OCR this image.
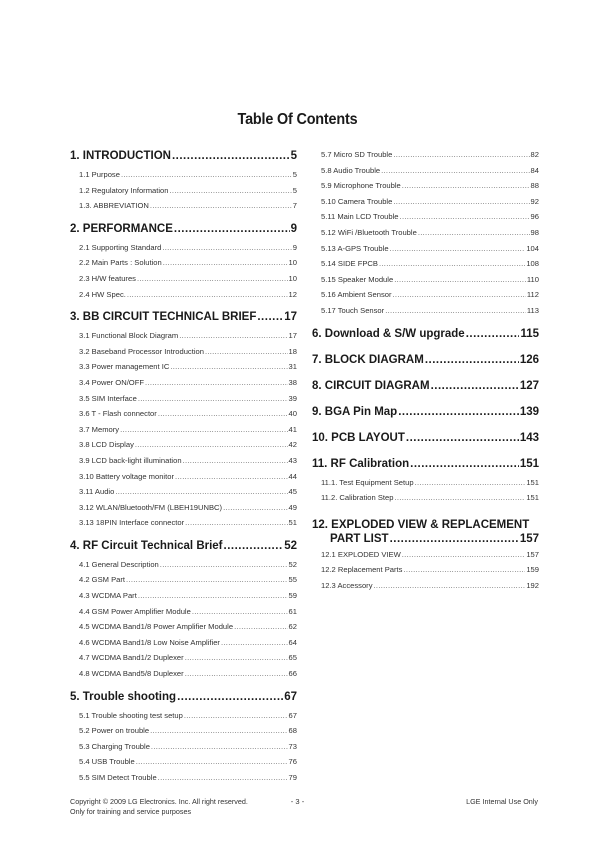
Table Of Contents
1. INTRODUCTION .....	5
1.1 Purpose .....	5
1.2 Regulatory Information .....	5
1.3. ABBREVIATION .....	7
2. PERFORMANCE .....	9
2.1 Supporting Standard .....	9
2.2 Main Parts : Solution .....	10
2.3 H/W features .....	10
2.4 HW Spec. .....	12
3. BB CIRCUIT TECHNICAL BRIEF ..... 17
3.1 Functional Block Diagram .....	17
3.2 Baseband Processor Introduction .....	18
3.3 Power management IC .....	31
3.4 Power ON/OFF .....	38
3.5 SIM Interface .....	39
3.6 T - Flash connector .....	40
3.7 Memory .....	41
3.8 LCD Display .....	42
3.9 LCD back-light illumination .....	43
3.10 Battery voltage monitor .....	44
3.11 Audio .....	45
3.12 WLAN/Bluetooth/FM (LBEH19UNBC) .....	49
3.13 18PIN Interface connector .....	51
4. RF Circuit Technical Brief .....	52
4.1 General Description .....	52
4.2 GSM Part .....	55
4.3 WCDMA Part .....	59
4.4 GSM Power Amplifier Module .....	61
4.5 WCDMA Band1/8 Power Amplifier Module .....	62
4.6 WCDMA Band1/8 Low Noise Amplifier .....	64
4.7 WCDMA Band1/2 Duplexer .....	65
4.8 WCDMA Band5/8 Duplexer .....	66
5. Trouble shooting .....	67
5.1 Trouble shooting test setup .....	67
5.2 Power on trouble .....	68
5.3 Charging Trouble .....	73
5.4 USB Trouble .....	76
5.5 SIM Detect Trouble .....	79
5.7 Micro SD Trouble .....	82
5.8 Audio Trouble .....	84
5.9 Microphone Trouble .....	88
5.10 Camera Trouble .....	92
5.11 Main LCD Trouble .....	96
5.12 WiFi /Bluetooth Trouble .....	98
5.13 A-GPS Trouble .....	104
5.14 SIDE FPCB .....	108
5.15 Speaker Module .....	110
5.16 Ambient Sensor .....	112
5.17 Touch Sensor .....	113
6. Download & S/W upgrade .....	115
7. BLOCK DIAGRAM .....	126
8. CIRCUIT DIAGRAM .....	127
9. BGA Pin Map .....	139
10. PCB LAYOUT .....	143
11. RF Calibration .....	151
11.1. Test Equipment Setup .....	151
11.2. Calibration Step .....	151
12. EXPLODED VIEW & REPLACEMENT
PART LIST .....	157
12.1 EXPLODED VIEW .....	157
12.2 Replacement Parts .....	159
12.3 Accessory .....	192
Copyright © 2009 LG Electronics. Inc. All right reserved.
Only for training and service purposes
- 3 -	LGE Internal Use Only
